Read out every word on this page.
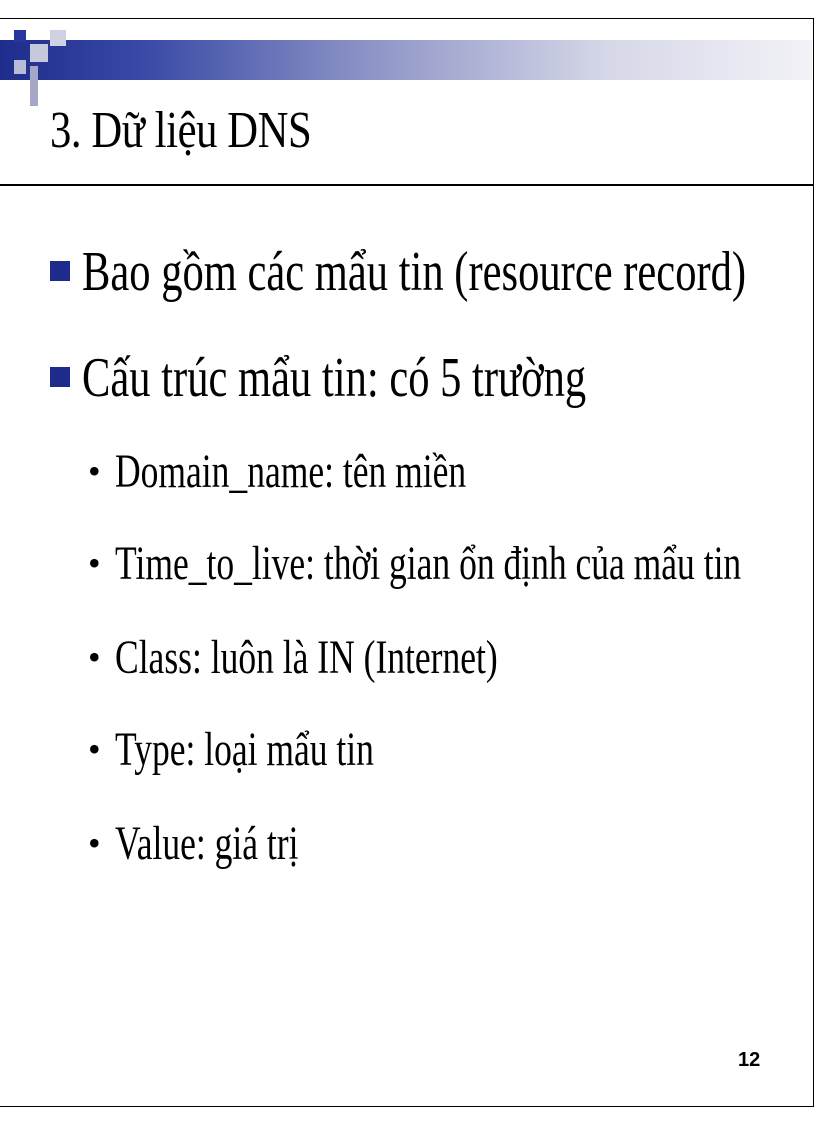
3. Dữ liệu DNS
Bao gồm các mẩu tin (resource record)
Cấu trúc mẩu tin: có 5 trường
• Domain_name: tên miền
• Time_to_live: thời gian ổn định của mẩu tin
• Class: luôn là IN (Internet)
• Type: loại mẩu tin
• Value: giá trị
12
